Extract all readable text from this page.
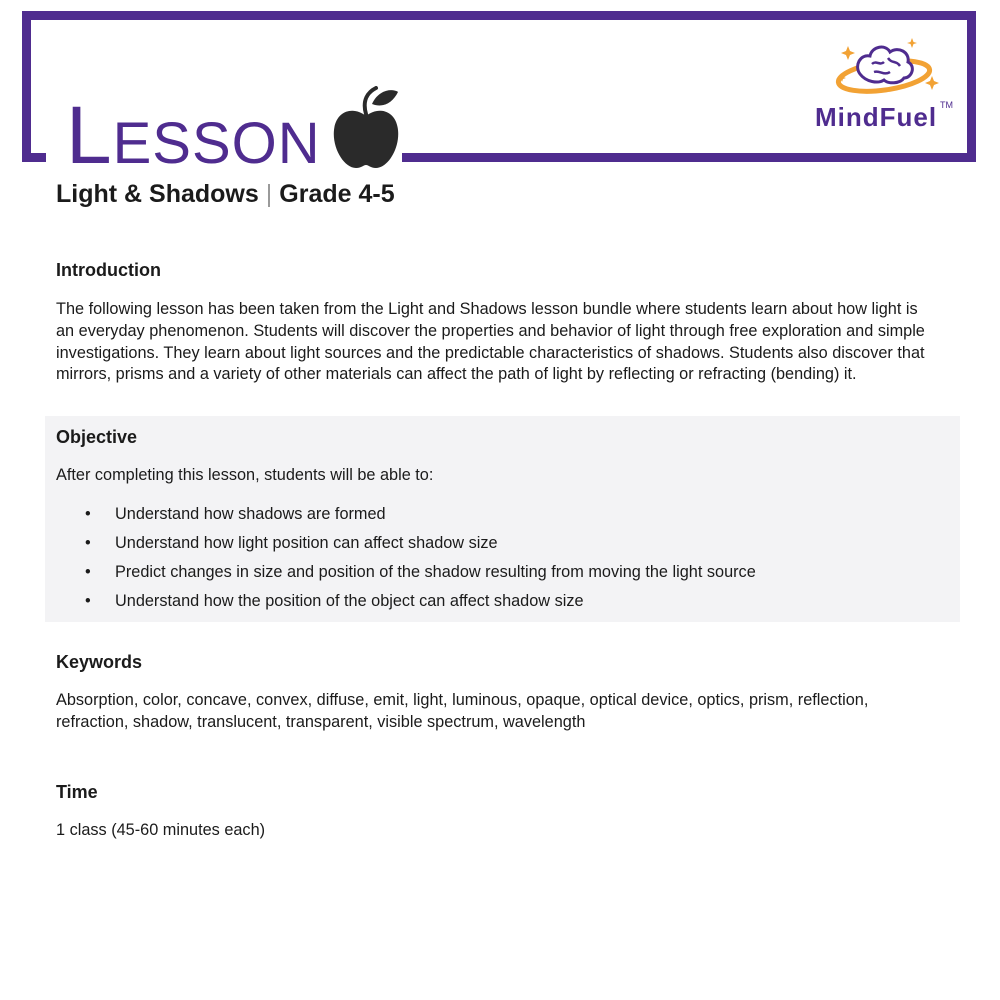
LESSON	MindFuel TM
Light & Shadows | Grade 4-5
Introduction
The following lesson has been taken from the Light and Shadows lesson bundle where students learn about how light is an everyday phenomenon. Students will discover the properties and behavior of light through free exploration and simple investigations. They learn about light sources and the predictable characteristics of shadows. Students also discover that mirrors, prisms and a variety of other materials can affect the path of light by reflecting or refracting (bending) it.
Objective
After completing this lesson, students will be able to:
• Understand how shadows are formed
• Understand how light position can affect shadow size
• Predict changes in size and position of the shadow resulting from moving the light source
• Understand how the position of the object can affect shadow size
Keywords
Absorption, color, concave, convex, diffuse, emit, light, luminous, opaque, optical device, optics, prism, reflection, refraction, shadow, translucent, transparent, visible spectrum, wavelength
Time
1 class (45-60 minutes each)
